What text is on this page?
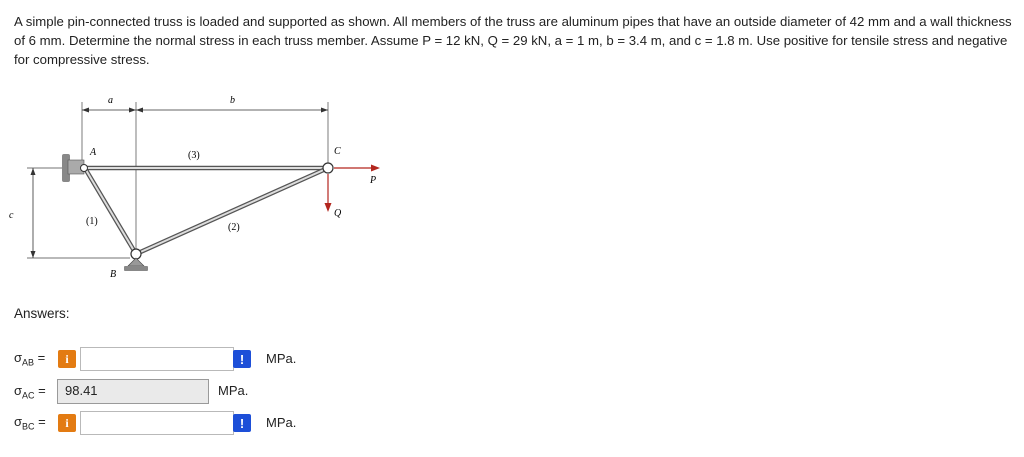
A simple pin-connected truss is loaded and supported as shown. All members of the truss are aluminum pipes that have an outside diameter of 42 mm and a wall thickness of 6 mm. Determine the normal stress in each truss member. Assume P = 12 kN, Q = 29 kN, a = 1 m, b = 3.4 m, and c = 1.8 m. Use positive for tensile stress and negative for compressive stress.
a	b
c
A
B
C
(3)
(1)
(2)
P
Q
Answers:
$\sigma_{AB}$ =	i	!	MPa.
$\sigma_{AC}$ =	98.41	MPa.
$\sigma_{BC}$ =	i	!	MPa.
